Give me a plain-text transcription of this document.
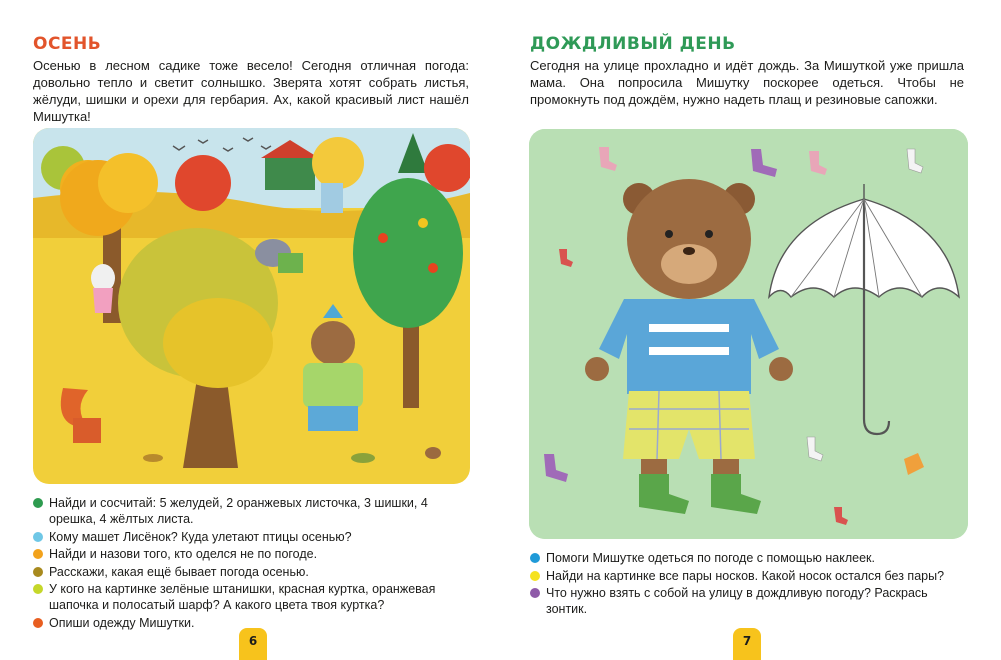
ОСЕНЬ

Осенью в лесном садике тоже весело! Сегодня отличная погода: довольно тепло и светит солнышко. Зверята хотят собрать листья, жёлуди, шишки и орехи для гербария. Ах, какой красивый лист нашёл Мишутка!

Найди и сосчитай: 5 желудей, 2 оранжевых листочка, 3 шишки, 4 орешка, 4 жёлтых листа.
Кому машет Лисёнок? Куда улетают птицы осенью?
Найди и назови того, кто оделся не по погоде.
Расскажи, какая ещё бывает погода осенью.
У кого на картинке зелёные штанишки, красная куртка, оранжевая шапочка и полосатый шарф? А какого цвета твоя куртка?
Опиши одежду Мишутки.
6
ДОЖДЛИВЫЙ ДЕНЬ

Сегодня на улице прохладно и идёт дождь. За Мишуткой уже пришла мама. Она попросила Мишутку поскорее одеться. Чтобы не промокнуть под дождём, нужно надеть плащ и резиновые сапожки.

Помоги Мишутке одеться по погоде с помощью наклеек.
Найди на картинке все пары носков. Какой носок остался без пары?
Что нужно взять с собой на улицу в дождливую погоду? Раскрась зонтик.
7
